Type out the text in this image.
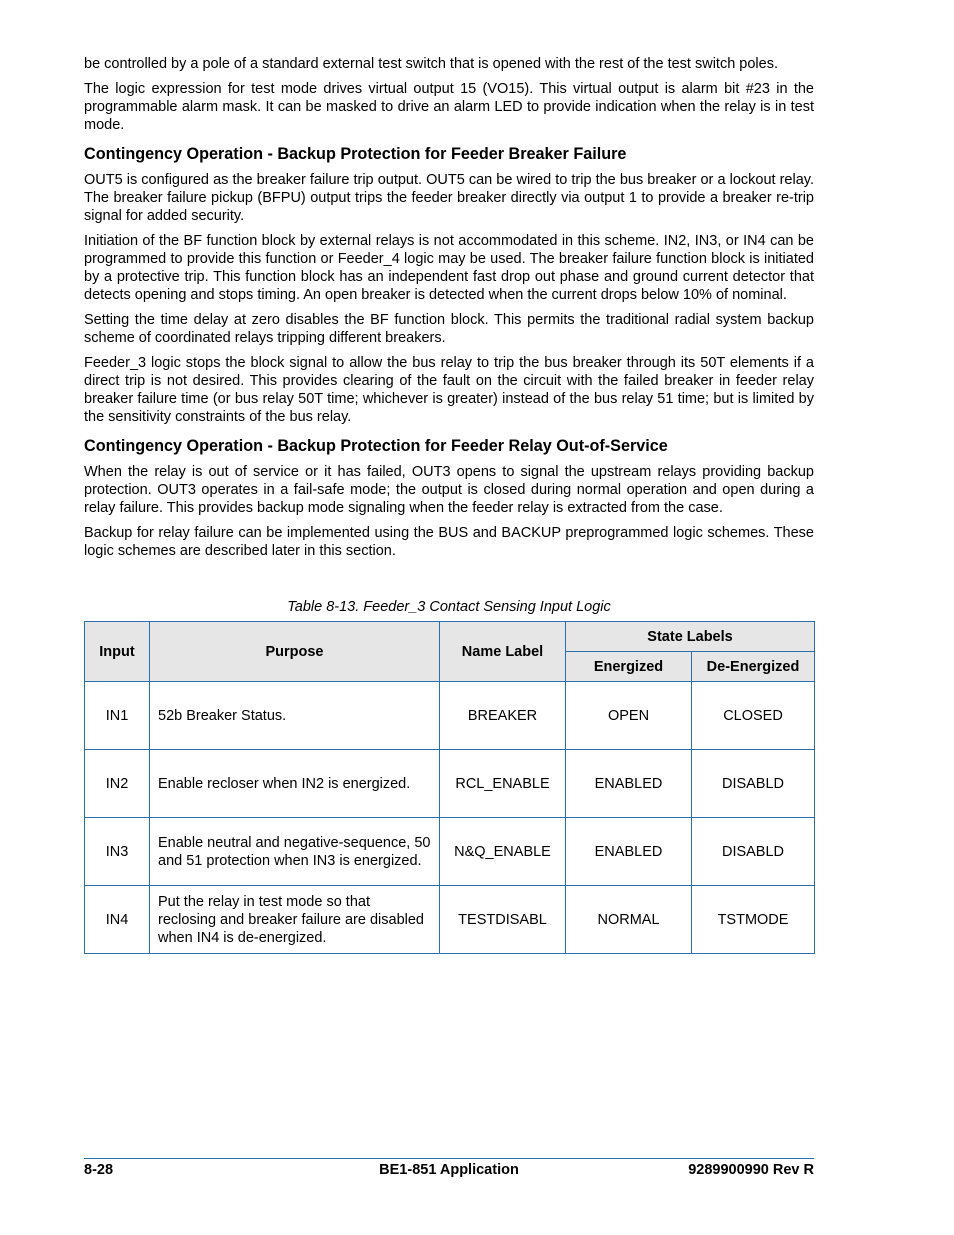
be controlled by a pole of a standard external test switch that is opened with the rest of the test switch poles.

The logic expression for test mode drives virtual output 15 (VO15). This virtual output is alarm bit #23 in the programmable alarm mask. It can be masked to drive an alarm LED to provide indication when the relay is in test mode.

Contingency Operation - Backup Protection for Feeder Breaker Failure

OUT5 is configured as the breaker failure trip output. OUT5 can be wired to trip the bus breaker or a lockout relay. The breaker failure pickup (BFPU) output trips the feeder breaker directly via output 1 to provide a breaker re-trip signal for added security.

Initiation of the BF function block by external relays is not accommodated in this scheme. IN2, IN3, or IN4 can be programmed to provide this function or Feeder_4 logic may be used. The breaker failure function block is initiated by a protective trip. This function block has an independent fast drop out phase and ground current detector that detects opening and stops timing. An open breaker is detected when the current drops below 10% of nominal.

Setting the time delay at zero disables the BF function block. This permits the traditional radial system backup scheme of coordinated relays tripping different breakers.

Feeder_3 logic stops the block signal to allow the bus relay to trip the bus breaker through its 50T elements if a direct trip is not desired. This provides clearing of the fault on the circuit with the failed breaker in feeder relay breaker failure time (or bus relay 50T time; whichever is greater) instead of the bus relay 51 time; but is limited by the sensitivity constraints of the bus relay.

Contingency Operation - Backup Protection for Feeder Relay Out-of-Service

When the relay is out of service or it has failed, OUT3 opens to signal the upstream relays providing backup protection. OUT3 operates in a fail-safe mode; the output is closed during normal operation and open during a relay failure. This provides backup mode signaling when the feeder relay is extracted from the case.

Backup for relay failure can be implemented using the BUS and BACKUP preprogrammed logic schemes. These logic schemes are described later in this section.

Table 8-13. Feeder_3 Contact Sensing Input Logic
Input	Purpose	Name Label	State Labels	
			Energized	De-Energized
IN1	52b Breaker Status.	BREAKER	OPEN	CLOSED
IN2	Enable recloser when IN2 is energized.	RCL_ENABLE	ENABLED	DISABLD
IN3	Enable neutral and negative-sequence, 50 and 51 protection when IN3 is energized.	N&Q_ENABLE	ENABLED	DISABLD
IN4	Put the relay in test mode so that reclosing and breaker failure are disabled when IN4 is de-energized.	TESTDISABL	NORMAL	TSTMODE
8-28	BE1-851 Application	9289900990 Rev R
